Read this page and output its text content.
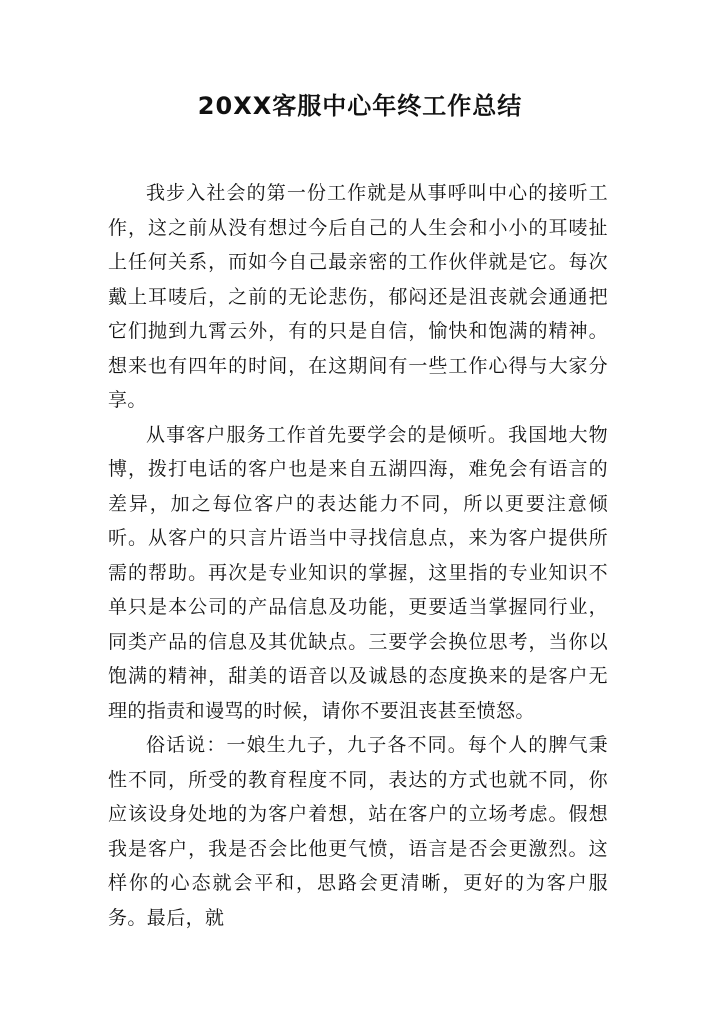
20XX客服中心年终工作总结

我步入社会的第一份工作就是从事呼叫中心的接听工作，这之前从没有想过今后自己的人生会和小小的耳唛扯上任何关系，而如今自己最亲密的工作伙伴就是它。每次戴上耳唛后，之前的无论悲伤，郁闷还是沮丧就会通通把它们抛到九霄云外，有的只是自信，愉快和饱满的精神。想来也有四年的时间，在这期间有一些工作心得与大家分享。

从事客户服务工作首先要学会的是倾听。我国地大物博，拨打电话的客户也是来自五湖四海，难免会有语言的差异，加之每位客户的表达能力不同，所以更要注意倾听。从客户的只言片语当中寻找信息点，来为客户提供所需的帮助。再次是专业知识的掌握，这里指的专业知识不单只是本公司的产品信息及功能，更要适当掌握同行业，同类产品的信息及其优缺点。三要学会换位思考，当你以饱满的精神，甜美的语音以及诚恳的态度换来的是客户无理的指责和谩骂的时候，请你不要沮丧甚至愤怒。

俗话说：一娘生九子，九子各不同。每个人的脾气秉性不同，所受的教育程度不同，表达的方式也就不同，你应该设身处地的为客户着想，站在客户的立场考虑。假想我是客户，我是否会比他更气愤，语言是否会更激烈。这样你的心态就会平和，思路会更清晰，更好的为客户服务。最后，就
